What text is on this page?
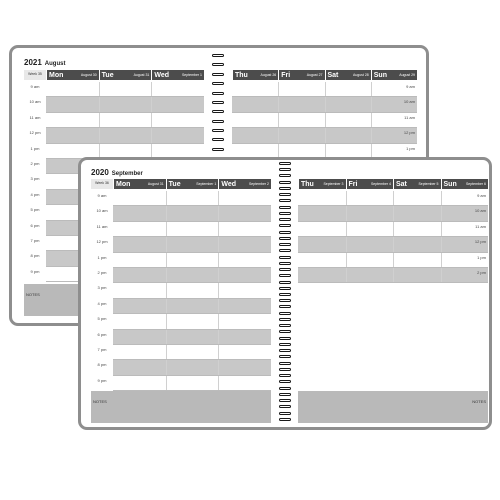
2021 August
Week 35	Mon	August 30 Tue	August 31 Wed	September 1
9 am
10 am
11 am
12 pm
1 pm
2 pm
3 pm
4 pm
5 pm
6 pm
7 pm
8 pm
9 pm
NOTES
Thu	August 26 Fri	August 27 Sat	August 28 Sun	August 29
9 am
10 am
11 am
12 pm
1 pm
2020 September
Week 36	Mon	August 31 Tue	September 1 Wed	September 2
9 am
10 am
11 am
12 pm
1 pm
2 pm
3 pm
4 pm
5 pm
6 pm
7 pm
8 pm
9 pm
NOTES
Thu	September 3 Fri	September 4 Sat	September 5 Sun	September 6
9 am
10 am
11 am
12 pm
1 pm
2 pm
NOTES
